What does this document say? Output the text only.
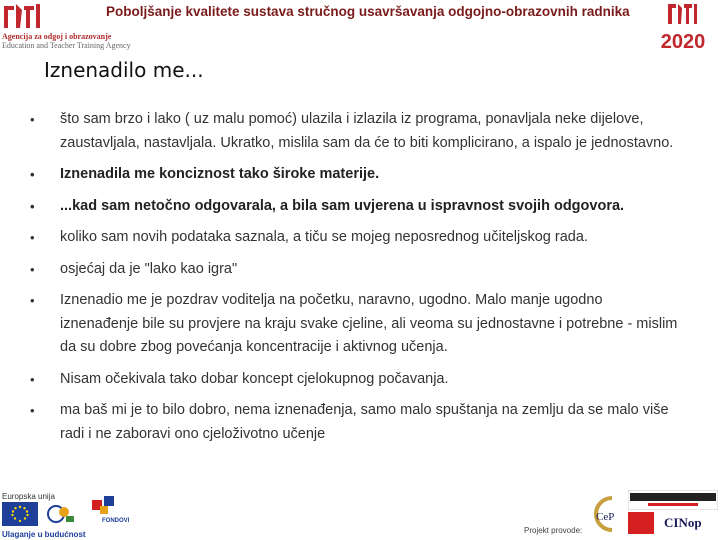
Agencija za odgoj i obrazovanje
Education and Teacher Training Agency
Poboljšanje kvalitete sustava stručnog usavršavanja odgojno-obrazovnih radnika
2020
Iznenadilo me...
• što sam brzo i lako ( uz malu pomoć) ulazila i izlazila iz programa, ponavljala neke dijelove, zaustavljala, nastavljala. Ukratko, mislila sam da će to biti komplicirano, a ispalo je jednostavno.
• Iznenadila me konciznost tako široke materije.
• ...kad sam netočno odgovarala, a bila sam uvjerena u ispravnost svojih odgovora.
• koliko sam novih podataka saznala, a tiču se mojeg neposrednog učiteljskog rada.
• osjećaj da je "lako kao igra"
• Iznenadio me je pozdrav voditelja na početku, naravno, ugodno. Malo manje ugodno iznenađenje bile su provjere na kraju svake cjeline, ali veoma su jednostavne i potrebne - mislim da su dobre zbog povećanja koncentracije i aktivnog učenja.
• Nisam očekivala tako dobar koncept cjelokupnog počavanja.
• ma baš mi je to bilo dobro, nema iznenađenja, samo malo spuštanja na zemlju da se malo više radi i ne zaboravi ono cjeloživotno učenje
Europska unija
FONDOVI
Ulaganje u budućnost
CeP	CINop
Projekt provode:
